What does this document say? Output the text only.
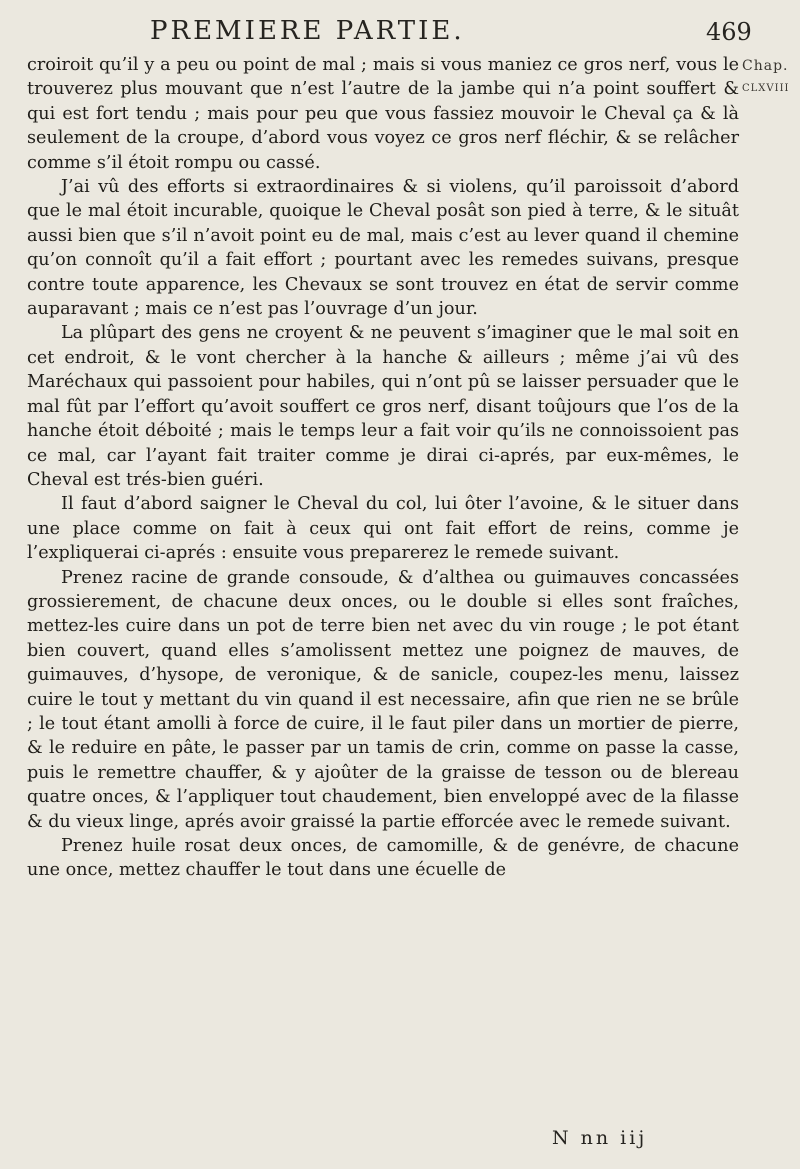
PREMIERE PARTIE.	469
Chap.
CLXVIII

croiroit qu’il y a peu ou point de mal ; mais si vous maniez ce gros nerf, vous le trouverez plus mouvant que n’est l’autre de la jambe qui n’a point souffert & qui est fort tendu ; mais pour peu que vous fassiez mouvoir le Cheval ça & là seulement de la croupe, d’abord vous voyez ce gros nerf fléchir, & se relâcher comme s’il étoit rompu ou cassé.

J’ai vû des efforts si extraordinaires & si violens, qu’il paroissoit d’abord que le mal étoit incurable, quoique le Cheval posât son pied à terre, & le situât aussi bien que s’il n’avoit point eu de mal, mais c’est au lever quand il chemine qu’on connoît qu’il a fait effort ; pourtant avec les remedes suivans, presque contre toute apparence, les Chevaux se sont trouvez en état de servir comme auparavant ; mais ce n’est pas l’ouvrage d’un jour.

La plûpart des gens ne croyent & ne peuvent s’imaginer que le mal soit en cet endroit, & le vont chercher à la hanche & ailleurs ; même j’ai vû des Maréchaux qui passoient pour habiles, qui n’ont pû se laisser persuader que le mal fût par l’effort qu’avoit souffert ce gros nerf, disant toûjours que l’os de la hanche étoit déboité ; mais le temps leur a fait voir qu’ils ne connoissoient pas ce mal, car l’ayant fait traiter comme je dirai ci-aprés, par eux-mêmes, le Cheval est trés-bien guéri.

Il faut d’abord saigner le Cheval du col, lui ôter l’avoine, & le situer dans une place comme on fait à ceux qui ont fait effort de reins, comme je l’expliquerai ci-aprés : ensuite vous preparerez le remede suivant.

Prenez racine de grande consoude, & d’althea ou guimauves concassées grossierement, de chacune deux onces, ou le double si elles sont fraîches, mettez-les cuire dans un pot de terre bien net avec du vin rouge ; le pot étant bien couvert, quand elles s’amolissent mettez une poignez de mauves, de guimauves, d’hysope, de veronique, & de sanicle, coupez-les menu, laissez cuire le tout y mettant du vin quand il est necessaire, afin que rien ne se brûle ; le tout étant amolli à force de cuire, il le faut piler dans un mortier de pierre, & le reduire en pâte, le passer par un tamis de crin, comme on passe la casse, puis le remettre chauffer, & y ajoûter de la graisse de tesson ou de blereau quatre onces, & l’appliquer tout chaudement, bien enveloppé avec de la filasse & du vieux linge, aprés avoir graissé la partie efforcée avec le remede suivant.

Prenez huile rosat deux onces, de camomille, & de genévre, de chacune une once, mettez chauffer le tout dans une écuelle de

N nn iij
